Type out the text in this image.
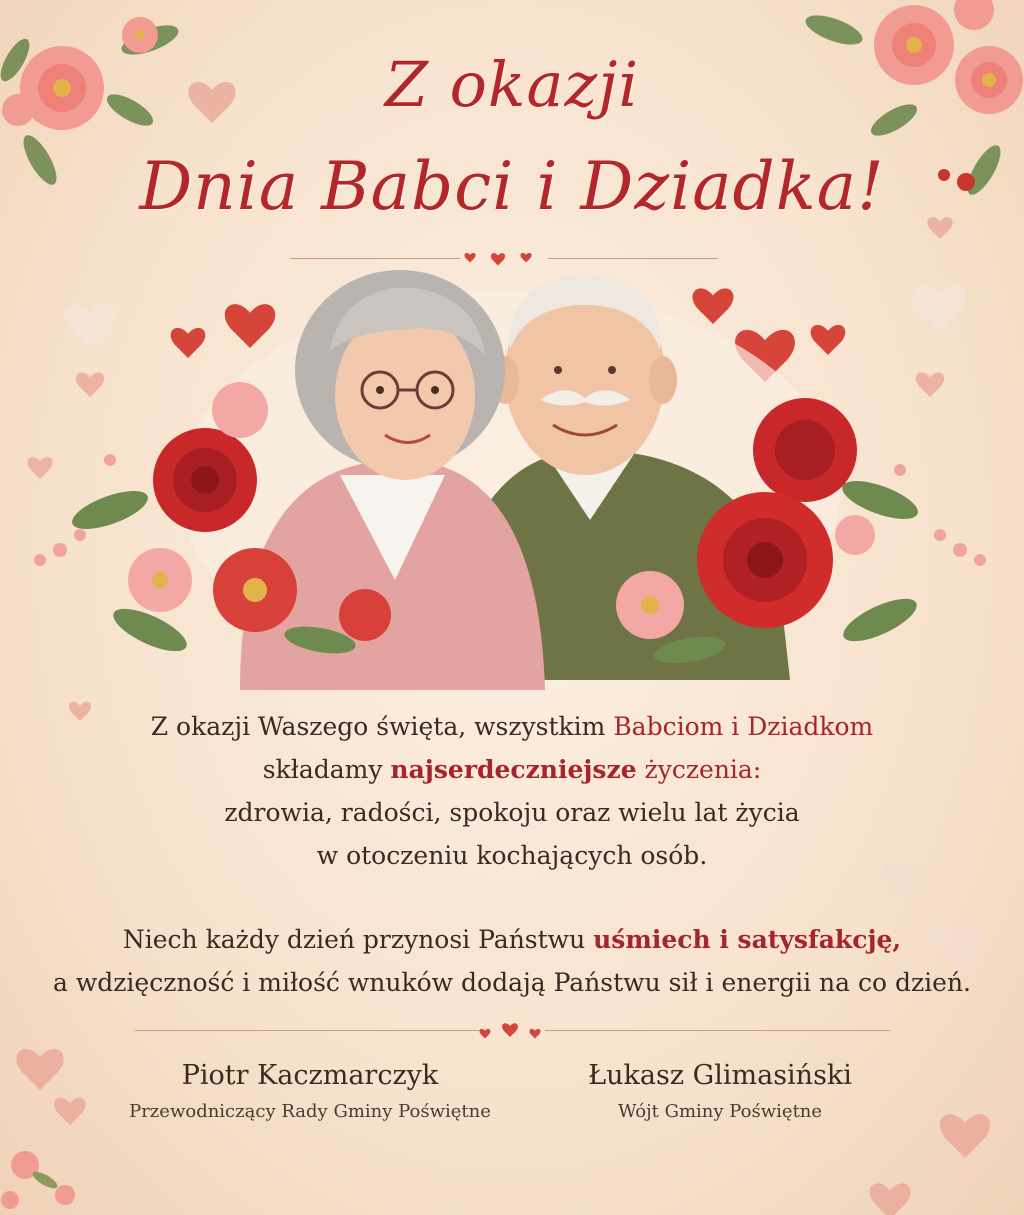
Z okazji
Dnia Babci i Dziadka!
Z okazji Waszego święta, wszystkim Babciom i Dziadkom
składamy najserdeczniejsze życzenia:
zdrowia, radości, spokoju oraz wielu lat życia
w otoczeniu kochających osób.
Niech każdy dzień przynosi Państwu uśmiech i satysfakcję,
a wdzięczność i miłość wnuków dodają Państwu sił i energii na co dzień.
Piotr Kaczmarczyk
Przewodniczący Rady Gminy Poświętne
Łukasz Glimasiński
Wójt Gminy Poświętne
